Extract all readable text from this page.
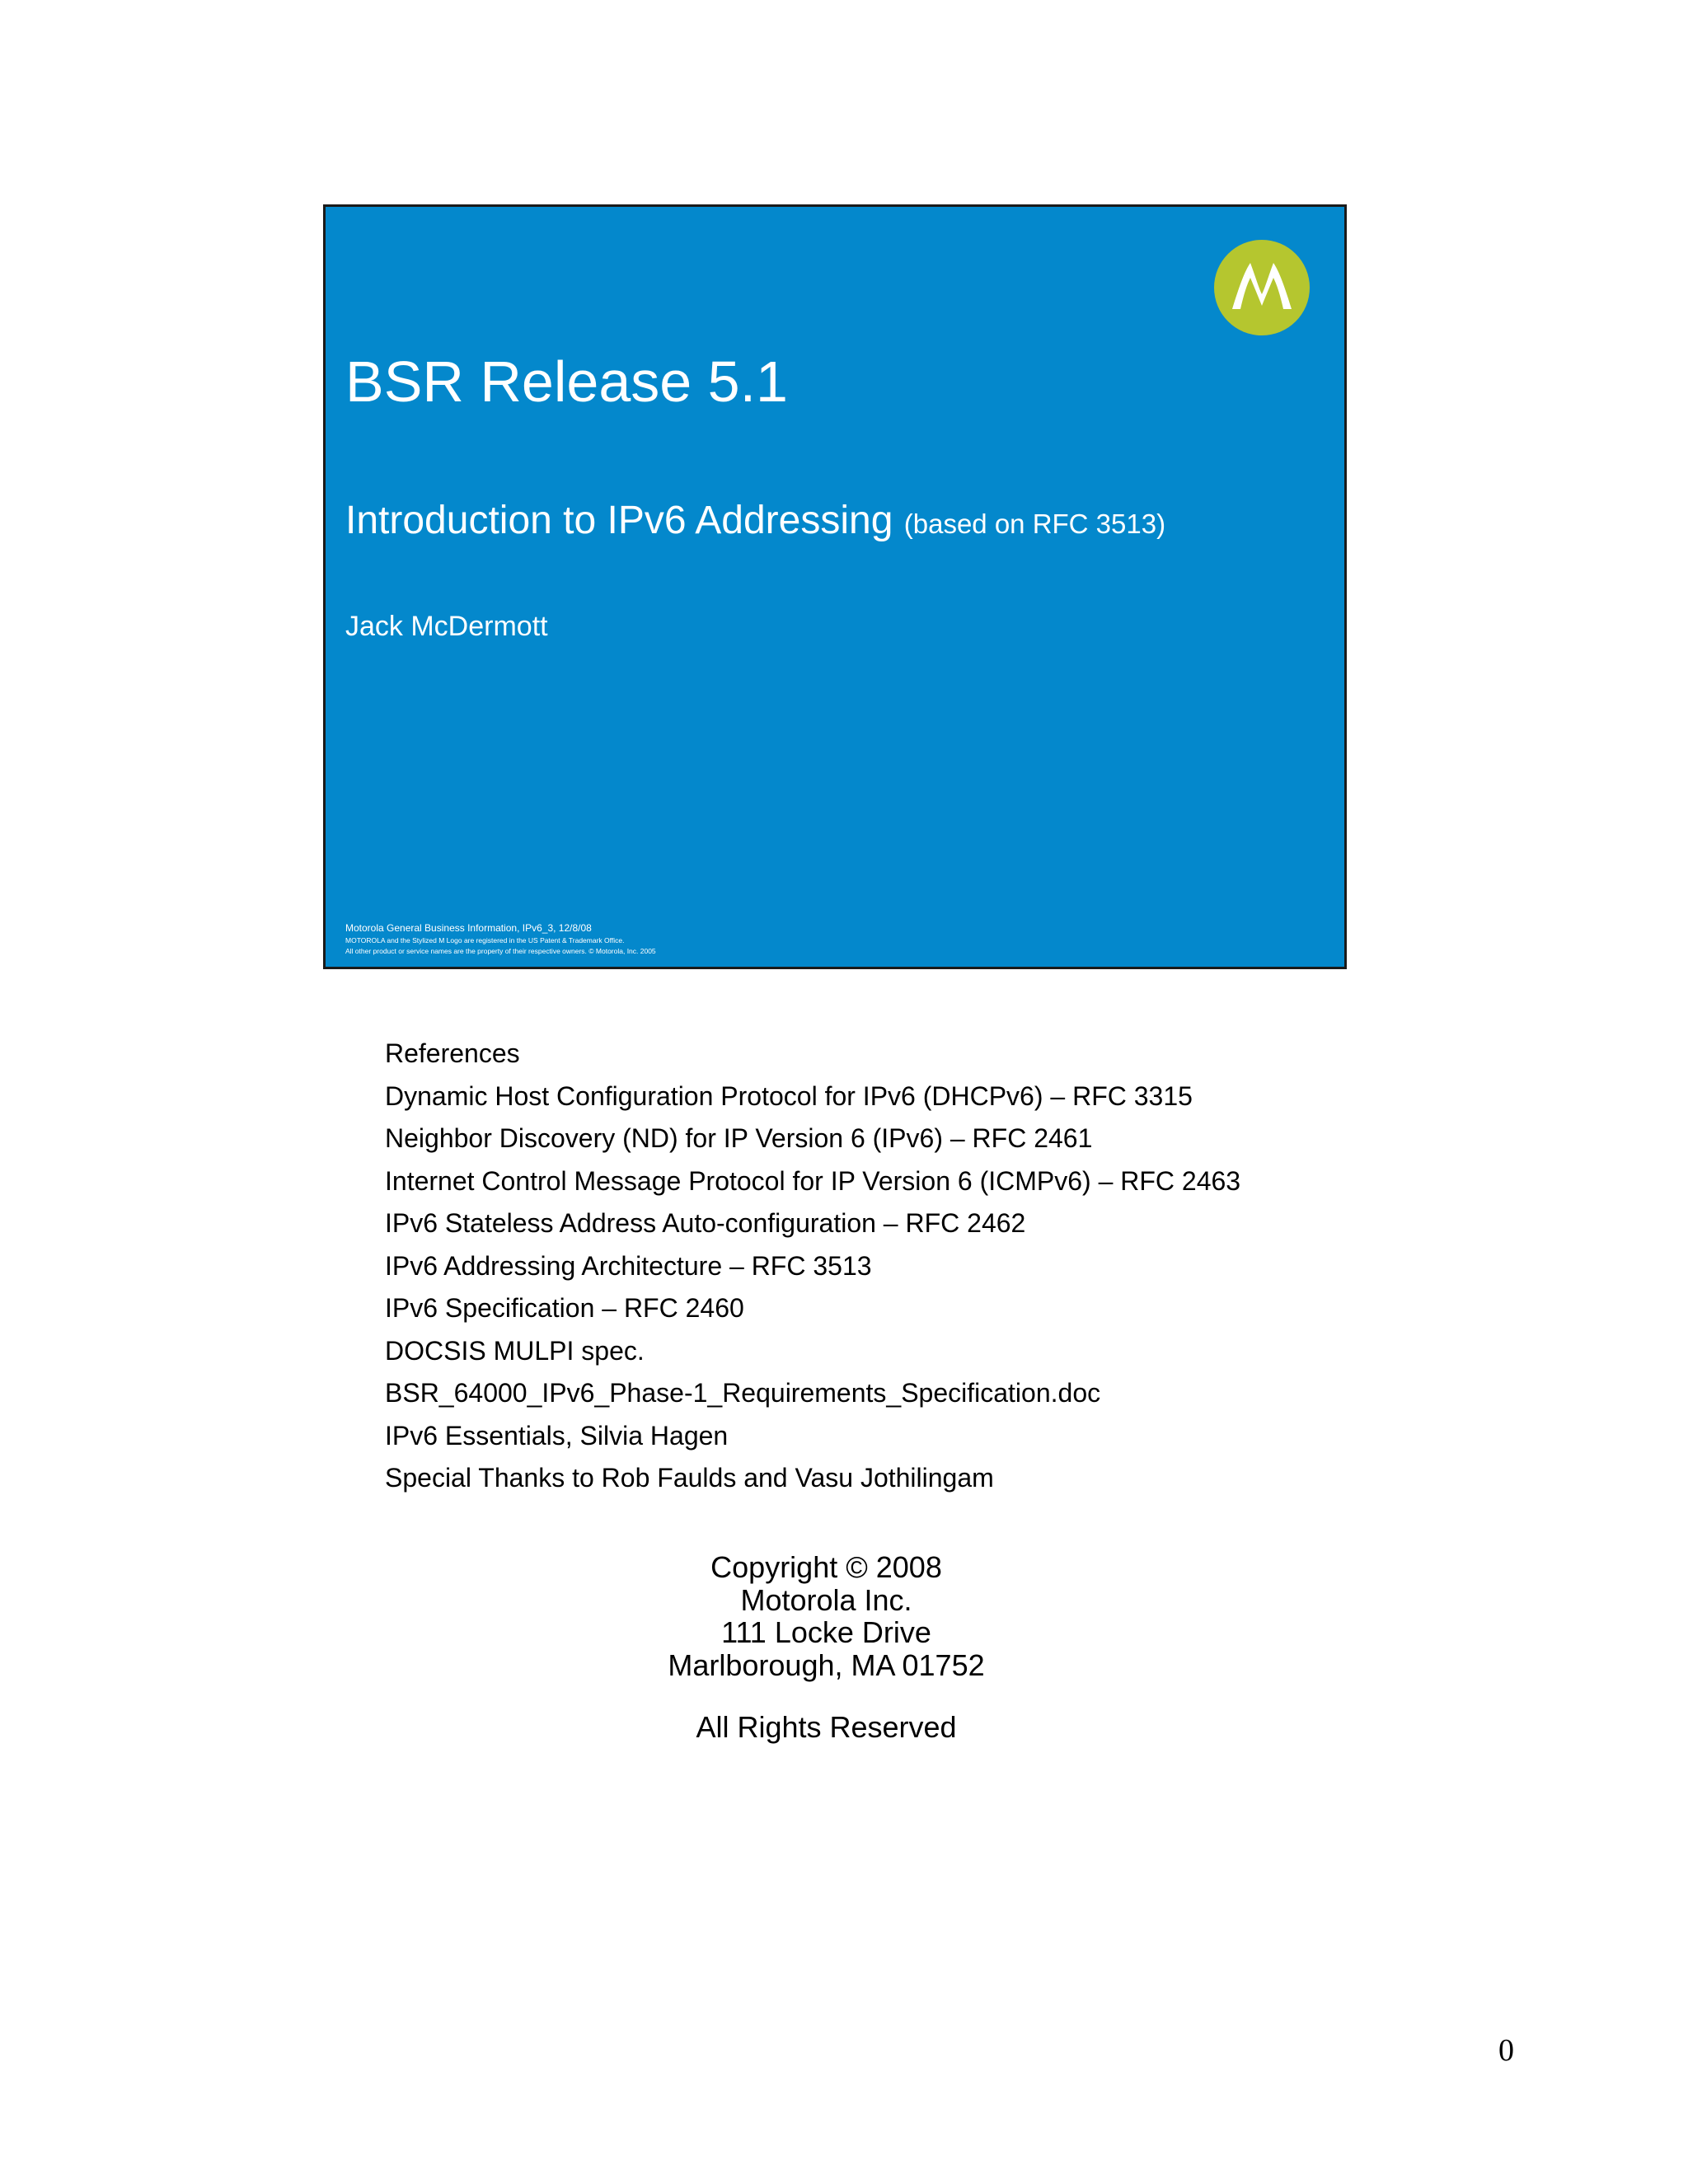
BSR Release 5.1
Introduction to IPv6 Addressing (based on RFC 3513)
Jack McDermott
Motorola General Business Information, IPv6_3, 12/8/08
MOTOROLA and the Stylized M Logo are registered in the US Patent & Trademark Office.
All other product or service names are the property of their respective owners. © Motorola, Inc. 2005
References
Dynamic Host Configuration Protocol for IPv6 (DHCPv6) – RFC 3315
Neighbor Discovery (ND) for IP Version 6 (IPv6) – RFC 2461
Internet Control Message Protocol for IP Version 6 (ICMPv6) – RFC 2463
IPv6 Stateless Address Auto-configuration – RFC 2462
IPv6 Addressing Architecture – RFC 3513
IPv6 Specification – RFC 2460
DOCSIS MULPI spec.
BSR_64000_IPv6_Phase-1_Requirements_Specification.doc
IPv6 Essentials, Silvia Hagen
Special Thanks to Rob Faulds and Vasu Jothilingam
Copyright © 2008
Motorola Inc.
111 Locke Drive
Marlborough, MA 01752
All Rights Reserved
0
